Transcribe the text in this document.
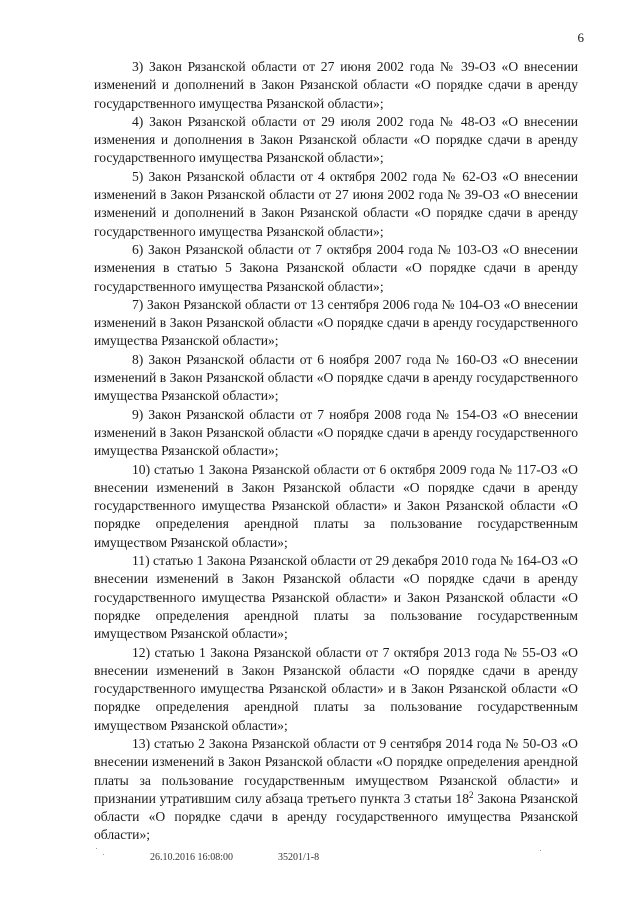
6

3) Закон Рязанской области от 27 июня 2002 года № 39-ОЗ «О внесении изменений и дополнений в Закон Рязанской области «О порядке сдачи в аренду государственного имущества Рязанской области»;

4) Закон Рязанской области от 29 июля 2002 года № 48-ОЗ «О внесении изменения и дополнения в Закон Рязанской области «О порядке сдачи в аренду государственного имущества Рязанской области»;

5) Закон Рязанской области от 4 октября 2002 года № 62-ОЗ «О внесении изменений в Закон Рязанской области от 27 июня 2002 года № 39-ОЗ «О внесении изменений и дополнений в Закон Рязанской области «О порядке сдачи в аренду государственного имущества Рязанской области»;

6) Закон Рязанской области от 7 октября 2004 года № 103-ОЗ «О внесении изменения в статью 5 Закона Рязанской области «О порядке сдачи в аренду государственного имущества Рязанской области»;

7) Закон Рязанской области от 13 сентября 2006 года № 104-ОЗ «О внесении изменений в Закон Рязанской области «О порядке сдачи в аренду государственного имущества Рязанской области»;

8) Закон Рязанской области от 6 ноября 2007 года № 160-ОЗ «О внесении изменений в Закон Рязанской области «О порядке сдачи в аренду государственного имущества Рязанской области»;

9) Закон Рязанской области от 7 ноября 2008 года № 154-ОЗ «О внесении изменений в Закон Рязанской области «О порядке сдачи в аренду государственного имущества Рязанской области»;

10) статью 1 Закона Рязанской области от 6 октября 2009 года № 117-ОЗ «О внесении изменений в Закон Рязанской области «О порядке сдачи в аренду государственного имущества Рязанской области» и Закон Рязанской области «О порядке определения арендной платы за пользование государственным имуществом Рязанской области»;

11) статью 1 Закона Рязанской области от 29 декабря 2010 года № 164-ОЗ «О внесении изменений в Закон Рязанской области «О порядке сдачи в аренду государственного имущества Рязанской области» и Закон Рязанской области «О порядке определения арендной платы за пользование государственным имуществом Рязанской области»;

12) статью 1 Закона Рязанской области от 7 октября 2013 года № 55-ОЗ «О внесении изменений в Закон Рязанской области «О порядке сдачи в аренду государственного имущества Рязанской области» и в Закон Рязанской области «О порядке определения арендной платы за пользование государственным имуществом Рязанской области»;

13) статью 2 Закона Рязанской области от 9 сентября 2014 года № 50-ОЗ «О внесении изменений в Закон Рязанской области «О порядке определения арендной платы за пользование государственным имуществом Рязанской области» и признании утратившим силу абзаца третьего пункта 3 статьи $18^2$ Закона Рязанской области «О порядке сдачи в аренду государственного имущества Рязанской области»;

26.10.2016 16:08:00	35201/1-8
